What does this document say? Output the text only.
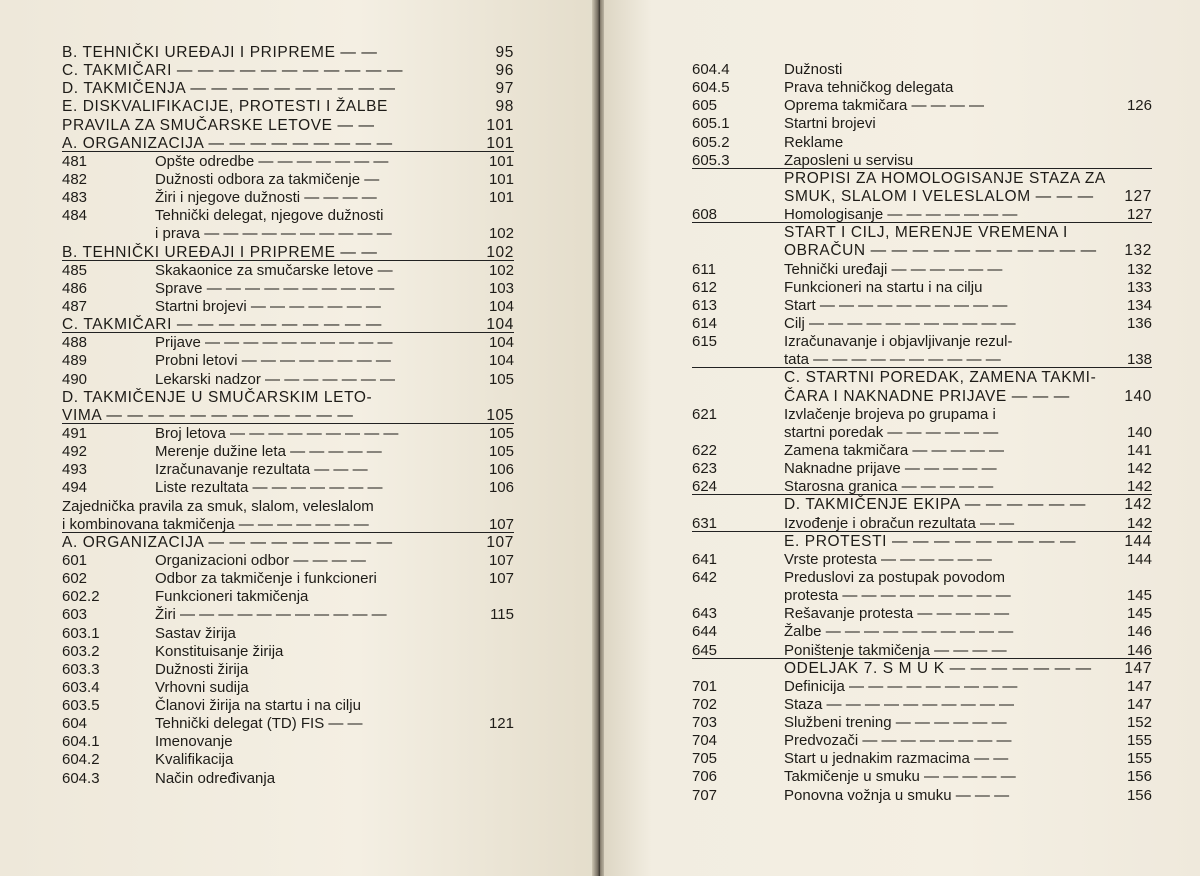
B. TEHNIČKI UREĐAJI I PRIPREME — —	95
C. TAKMIČARI — — — — — — — — — — —	96
D. TAKMIČENJA — — — — — — — — — —	97
E. DISKVALIFIKACIJE, PROTESTI I ŽALBE	98
PRAVILA ZA SMUČARSKE LETOVE — —	101
A. ORGANIZACIJA — — — — — — — — —	101
481	Opšte odredbe — — — — — — —	101
482	Dužnosti odbora za takmičenje —	101
483	Žiri i njegove dužnosti — — — —	101
484	Tehnički delegat, njegove dužnosti
i prava — — — — — — — — — —	102
B. TEHNIČKI UREĐAJI I PRIPREME — —	102
485	Skakaonice za smučarske letove —	102
486	Sprave — — — — — — — — — —	103
487	Startni brojevi — — — — — — —	104
C. TAKMIČARI — — — — — — — — — —	104
488	Prijave — — — — — — — — — —	104
489	Probni letovi — — — — — — — —	104
490	Lekarski nadzor — — — — — — —	105
D. TAKMIČENJE U SMUČARSKIM LETO-
VIMA — — — — — — — — — — — —	105
491	Broj letova — — — — — — — — —	105
492	Merenje dužine leta — — — — —	105
493	Izračunavanje rezultata — — —	106
494	Liste rezultata — — — — — — —	106
Zajednička pravila za smuk, slalom, veleslalom
i kombinovana takmičenja — — — — — — —	107
A. ORGANIZACIJA — — — — — — — — —	107
601	Organizacioni odbor — — — —	107
602	Odbor za takmičenje i funkcioneri	107
602.2	Funkcioneri takmičenja
603	Žiri — — — — — — — — — — —	115
603.1	Sastav žirija
603.2	Konstituisanje žirija
603.3	Dužnosti žirija
603.4	Vrhovni sudija
603.5	Članovi žirija na startu i na cilju
604	Tehnički delegat (TD) FIS — —	121
604.1	Imenovanje
604.2	Kvalifikacija
604.3	Način određivanja
604.4	Dužnosti
604.5	Prava tehničkog delegata
605	Oprema takmičara — — — —	126
605.1	Startni brojevi
605.2	Reklame
605.3	Zaposleni u servisu
PROPISI ZA HOMOLOGISANJE STAZA ZA
SMUK, SLALOM I VELESLALOM — — — 127
608	Homologisanje — — — — — — —	127
START I CILJ, MERENJE VREMENA I
OBRAČUN — — — — — — — — — — — 132
611	Tehnički uređaji — — — — — —	132
612	Funkcioneri na startu i na cilju	133
613	Start — — — — — — — — — —	134
614	Cilj — — — — — — — — — — —	136
615	Izračunavanje i objavljivanje rezul-
tata — — — — — — — — — —	138
C. STARTNI POREDAK, ZAMENA TAKMI-
ČARA I NAKNADNE PRIJAVE — — —	140
621	Izvlačenje brojeva po grupama i
startni poredak — — — — — —	140
622	Zamena takmičara — — — — —	141
623	Naknadne prijave — — — — —	142
624	Starosna granica — — — — —	142
D. TAKMIČENJE EKIPA — — — — — — 142
631	Izvođenje i obračun rezultata — —	142
E. PROTESTI — — — — — — — — —	144
641	Vrste protesta — — — — — —	144
642	Preduslovi za postupak povodom
protesta — — — — — — — — —	145
643	Rešavanje protesta — — — — —	145
644	Žalbe — — — — — — — — — —	146
645	Poništenje takmičenja — — — —	146
ODELJAK 7. S M U K — — — — — — — 147
701	Definicija — — — — — — — — —	147
702	Staza — — — — — — — — — —	147
703	Službeni trening — — — — — —	152
704	Predvozači — — — — — — — —	155
705	Start u jednakim razmacima — —	155
706	Takmičenje u smuku — — — — —	156
707	Ponovna vožnja u smuku — — —	156
